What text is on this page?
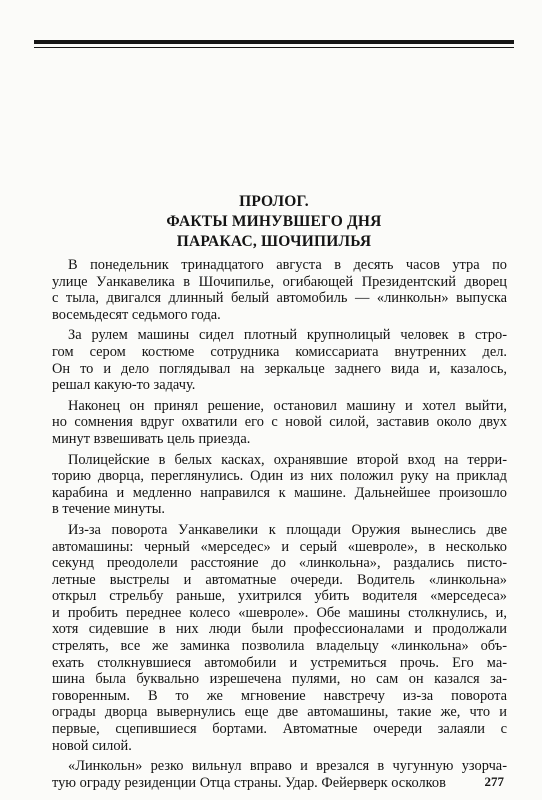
ПРОЛОГ.
ФАКТЫ МИНУВШЕГО ДНЯ
ПАРАКАС, ШОЧИПИЛЬЯ
В понедельник тринадцатого августа в десять часов утра по
улице Уанкавелика в Шочипилье, огибающей Президентский дворец
с тыла, двигался длинный белый автомобиль — «линкольн» выпуска
восемьдесят седьмого года.
За рулем машины сидел плотный крупнолицый человек в стро-
гом сером костюме сотрудника комиссариата внутренних дел.
Он то и дело поглядывал на зеркальце заднего вида и, казалось,
решал какую-то задачу.
Наконец он принял решение, остановил машину и хотел выйти,
но сомнения вдруг охватили его с новой силой, заставив около двух
минут взвешивать цель приезда.
Полицейские в белых касках, охранявшие второй вход на терри-
торию дворца, переглянулись. Один из них положил руку на приклад
карабина и медленно направился к машине. Дальнейшее произошло
в течение минуты.
Из-за поворота Уанкавелики к площади Оружия вынеслись две
автомашины: черный «мерседес» и серый «шевроле», в несколько
секунд преодолели расстояние до «линкольна», раздались писто-
летные выстрелы и автоматные очереди. Водитель «линкольна»
открыл стрельбу раньше, ухитрился убить водителя «мерседеса»
и пробить переднее колесо «шевроле». Обе машины столкнулись, и,
хотя сидевшие в них люди были профессионалами и продолжали
стрелять, все же заминка позволила владельцу «линкольна» объ-
ехать столкнувшиеся автомобили и устремиться прочь. Его ма-
шина была буквально изрешечена пулями, но сам он казался за-
говоренным. В то же мгновение навстречу из-за поворота
ограды дворца вывернулись еще две автомашины, такие же, что и
первые, сцепившиеся бортами. Автоматные очереди залаяли с
новой силой.
«Линкольн» резко вильнул вправо и врезался в чугунную узорча-
тую ограду резиденции Отца страны. Удар. Фейерверк осколков	277
